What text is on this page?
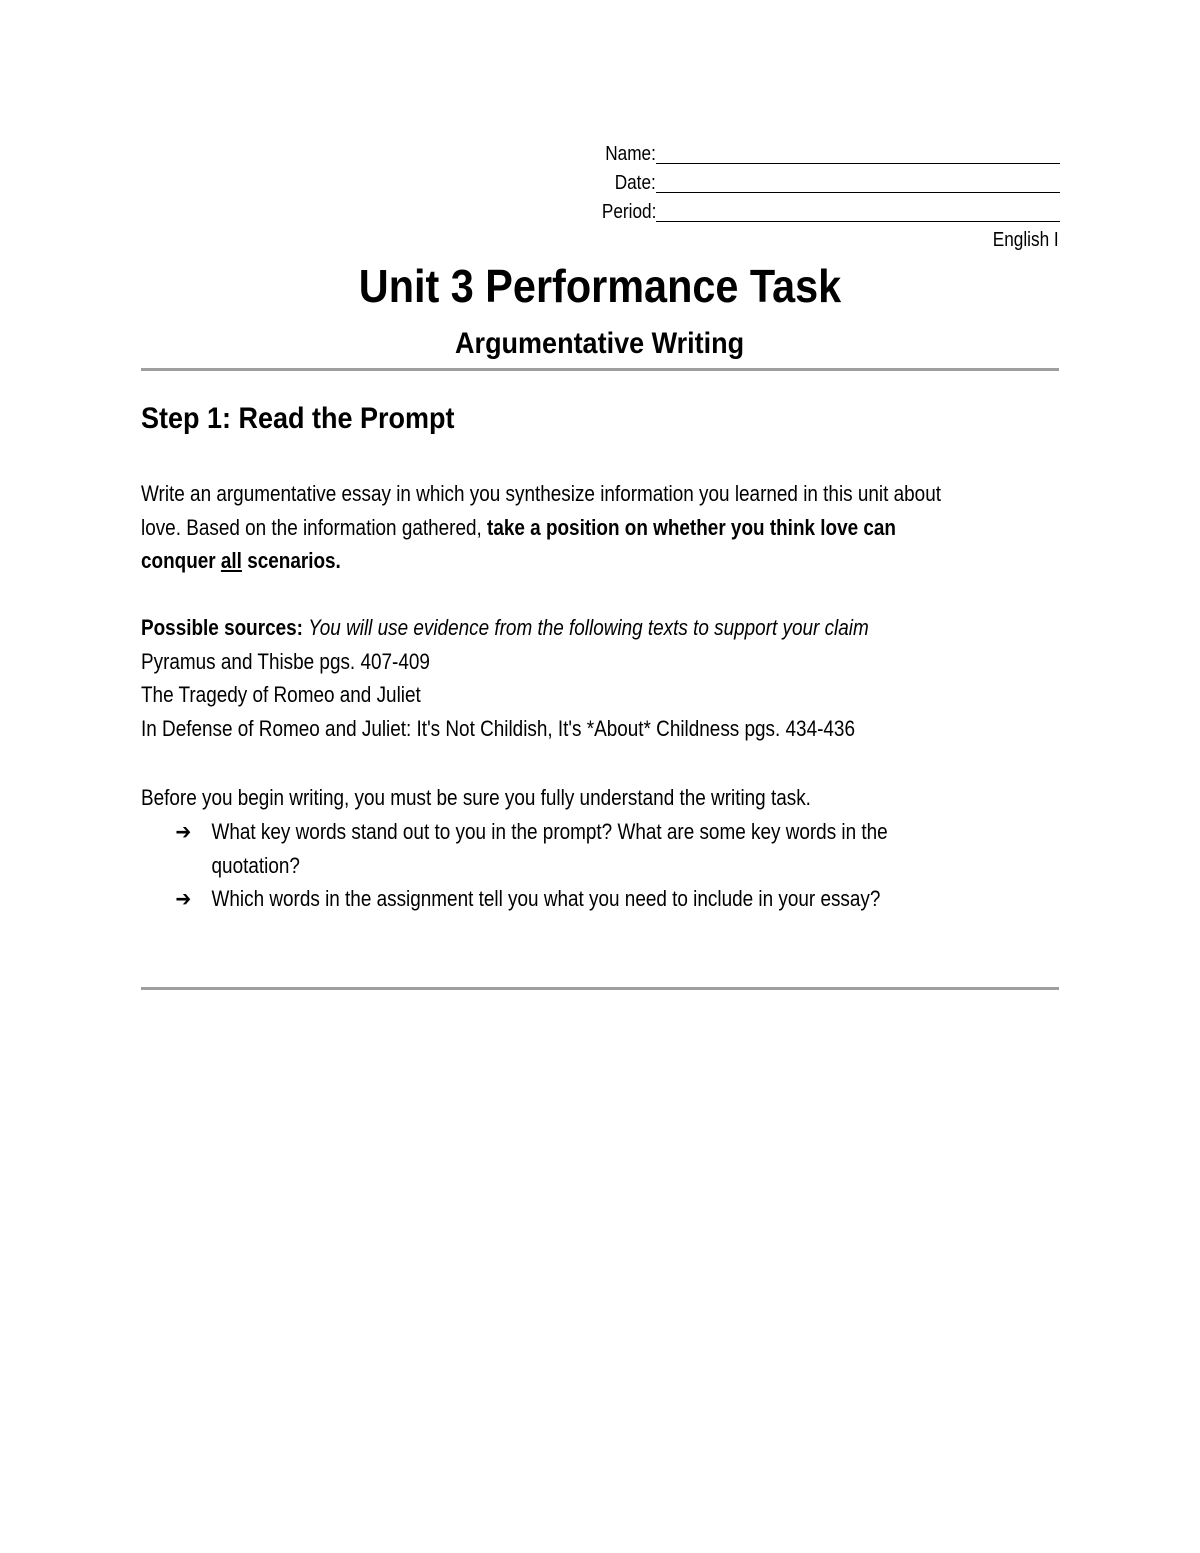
Name:
Date:
Period:
English I
Unit 3 Performance Task
Argumentative Writing
Step 1: Read the Prompt

Write an argumentative essay in which you synthesize information you learned in this unit about

love. Based on the information gathered, take a position on whether you think love can

conquer all scenarios.

Possible sources: You will use evidence from the following texts to support your claim

Pyramus and Thisbe pgs. 407-409

The Tragedy of Romeo and Juliet

In Defense of Romeo and Juliet: It's Not Childish, It's *About* Childness pgs. 434-436

Before you begin writing, you must be sure you fully understand the writing task.
➔ What key words stand out to you in the prompt? What are some key words in the
quotation?
➔ Which words in the assignment tell you what you need to include in your essay?
